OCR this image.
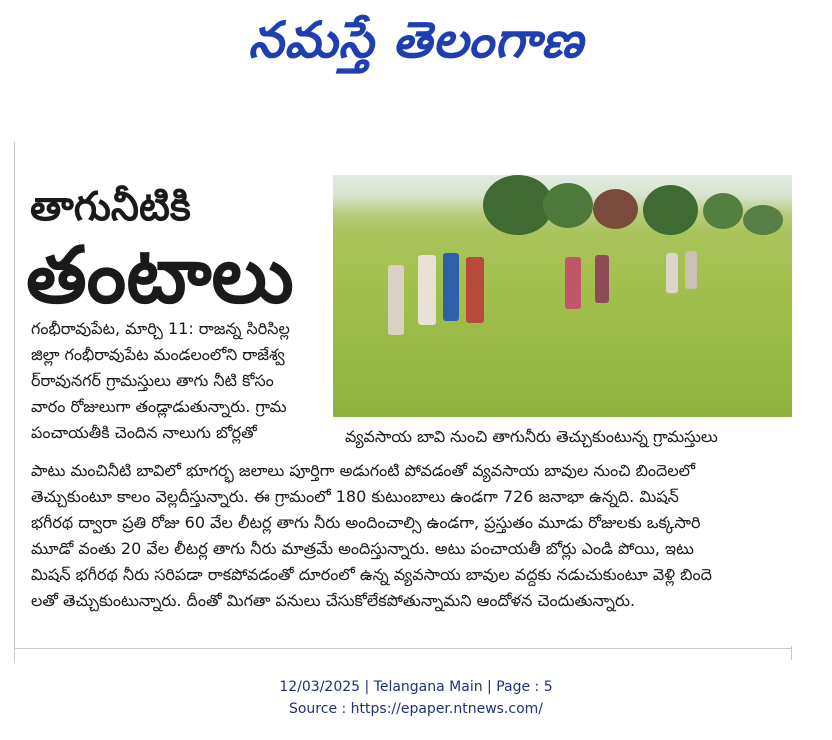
నమస్తే తెలంగాణ
తాగునీటికి
తంటాలు
వ్యవసాయ బావి నుంచి తాగునీరు తెచ్చుకుంటున్న గ్రామస్తులు
గంభీరావుపేట, మార్చి 11: రాజన్న సిరిసిల్ల
జిల్లా గంభీరావుపేట మండలంలోని రాజేశ్వ
ర్‌రావునగర్ గ్రామస్తులు తాగు నీటి కోసం
వారం రోజులుగా తండ్లాడుతున్నారు. గ్రామ
పంచాయతీకి చెందిన నాలుగు బోర్లతో
పాటు మంచినీటి బావిలో భూగర్భ జలాలు పూర్తిగా అడుగంటి పోవడంతో వ్యవసాయ బావుల నుంచి బిందెలలో
తెచ్చుకుంటూ కాలం వెల్లదీస్తున్నారు. ఈ గ్రామంలో 180 కుటుంబాలు ఉండగా 726 జనాభా ఉన్నది. మిషన్
భగీరథ ద్వారా ప్రతి రోజు 60 వేల లీటర్ల తాగు నీరు అందించాల్సి ఉండగా, ప్రస్తుతం మూడు రోజులకు ఒక్కసారి
మూడో వంతు 20 వేల లీటర్ల తాగు నీరు మాత్రమే అందిస్తున్నారు. అటు పంచాయతీ బోర్లు ఎండి పోయి, ఇటు
మిషన్ భగీరథ నీరు సరిపడా రాకపోవడంతో దూరంలో ఉన్న వ్యవసాయ బావుల వద్దకు నడుచుకుంటూ వెళ్లి బిందె
లతో తెచ్చుకుంటున్నారు. దీంతో మిగతా పనులు చేసుకోలేకపోతున్నామని ఆందోళన చెందుతున్నారు.
12/03/2025 | Telangana Main | Page : 5
Source : https://epaper.ntnews.com/
